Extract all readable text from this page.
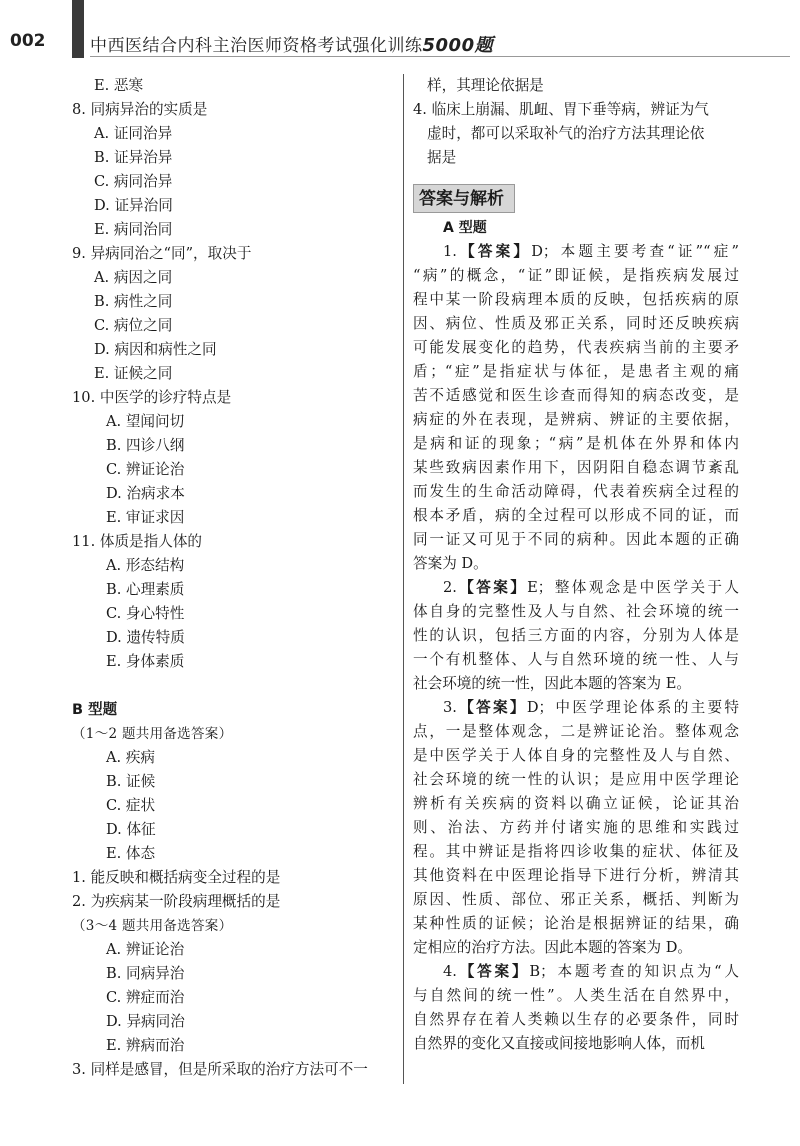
002	中西医结合内科主治医师资格考试强化训练5000题
E. 恶寒
8. 同病异治的实质是
A. 证同治异
B. 证异治异
C. 病同治异
D. 证异治同
E. 病同治同
9. 异病同治之“同”，取决于
A. 病因之同
B. 病性之同
C. 病位之同
D. 病因和病性之同
E. 证候之同
10. 中医学的诊疗特点是
A. 望闻问切
B. 四诊八纲
C. 辨证论治
D. 治病求本
E. 审证求因
11. 体质是指人体的
A. 形态结构
B. 心理素质
C. 身心特性
D. 遗传特质
E. 身体素质
B 型题
（1～2 题共用备选答案）
A. 疾病
B. 证候
C. 症状
D. 体征
E. 体态
1. 能反映和概括病变全过程的是
2. 为疾病某一阶段病理概括的是
（3～4 题共用备选答案）
A. 辨证论治
B. 同病异治
C. 辨症而治
D. 异病同治
E. 辨病而治
3. 同样是感冒，但是所采取的治疗方法可不一
样，其理论依据是
4. 临床上崩漏、肌衄、胃下垂等病，辨证为气
虚时，都可以采取补气的治疗方法其理论依
据是
答案与解析
A 型题
1.【答案】D；本题主要考查“证”“症”
“病”的概念，“证”即证候，是指疾病发展过
程中某一阶段病理本质的反映，包括疾病的原
因、病位、性质及邪正关系，同时还反映疾病
可能发展变化的趋势，代表疾病当前的主要矛
盾；“症”是指症状与体征，是患者主观的痛
苦不适感觉和医生诊查而得知的病态改变，是
病症的外在表现，是辨病、辨证的主要依据，
是病和证的现象；“病”是机体在外界和体内
某些致病因素作用下，因阴阳自稳态调节紊乱
而发生的生命活动障碍，代表着疾病全过程的
根本矛盾，病的全过程可以形成不同的证，而
同一证又可见于不同的病种。因此本题的正确
答案为 D。
2.【答案】E；整体观念是中医学关于人
体自身的完整性及人与自然、社会环境的统一
性的认识，包括三方面的内容，分别为人体是
一个有机整体、人与自然环境的统一性、人与
社会环境的统一性，因此本题的答案为 E。
3.【答案】D；中医学理论体系的主要特
点，一是整体观念，二是辨证论治。整体观念
是中医学关于人体自身的完整性及人与自然、
社会环境的统一性的认识；是应用中医学理论
辨析有关疾病的资料以确立证候，论证其治
则、治法、方药并付诸实施的思维和实践过
程。其中辨证是指将四诊收集的症状、体征及
其他资料在中医理论指导下进行分析，辨清其
原因、性质、部位、邪正关系，概括、判断为
某种性质的证候；论治是根据辨证的结果，确
定相应的治疗方法。因此本题的答案为 D。
4.【答案】B；本题考查的知识点为“人
与自然间的统一性”。人类生活在自然界中，
自然界存在着人类赖以生存的必要条件，同时
自然界的变化又直接或间接地影响人体，而机
